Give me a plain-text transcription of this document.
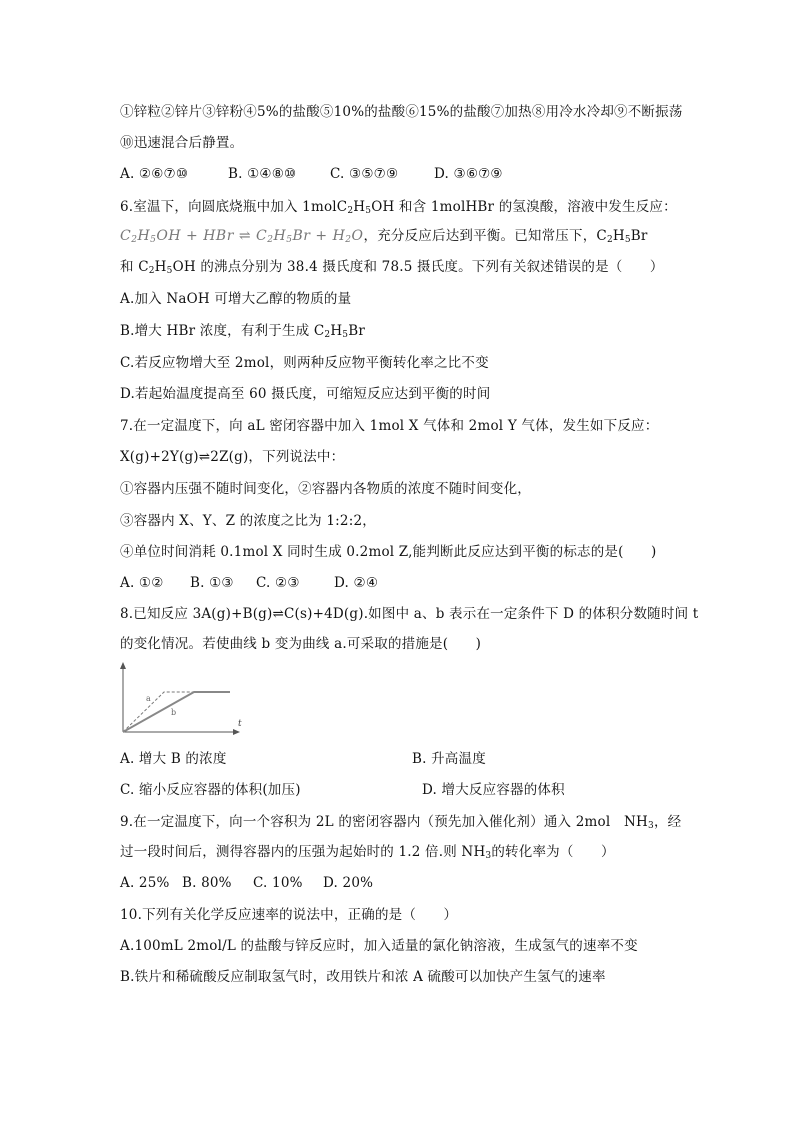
①锌粒②锌片③锌粉④5%的盐酸⑤10%的盐酸⑥15%的盐酸⑦加热⑧用冷水冷却⑨不断振荡
⑩迅速混合后静置。
A. ②⑥⑦⑩	B. ①④⑧⑩ C. ③⑤⑦⑨	D. ③⑥⑦⑨
6.室温下，向圆底烧瓶中加入 $1molC_2H_5OH$ 和含 1molHBr 的氢溴酸，溶液中发生反应：
$C_2H_5OH$ + HBr ⇌ $C_2H_5Br + H_2O$，充分反应后达到平衡。已知常压下，$C_2H_5Br$
和 $C_2H_5OH$ 的沸点分别为 38.4 摄氏度和 78.5 摄氏度。下列有关叙述错误的是（　　）
A.加入 NaOH 可增大乙醇的物质的量
B.增大 HBr 浓度，有利于生成 $C_2H_5Br$
C.若反应物增大至 2mol，则两种反应物平衡转化率之比不变
D.若起始温度提高至 60 摄氏度，可缩短反应达到平衡的时间
7.在一定温度下，向 aL 密闭容器中加入 1mol X 气体和 2mol Y 气体，发生如下反应：
X(g)+2Y(g)⇌2Z(g)，下列说法中：
①容器内压强不随时间变化，②容器内各物质的浓度不随时间变化，
③容器内 X、Y、Z 的浓度之比为 1:2:2，
④单位时间消耗 0.1mol X 同时生成 0.2mol Z,能判断此反应达到平衡的标志的是(　　)
A. ①② B. ①③ C. ②③	D. ②④
8.已知反应 3A(g)+B(g)⇌C(s)+4D(g).如图中 a、b 表示在一定条件下 D 的体积分数随时间 t
的变化情况。若使曲线 b 变为曲线 a.可采取的措施是(　　)
a
b
t
A. 增大 B 的浓度	B. 升高温度
C. 缩小反应容器的体积(加压)	D. 增大反应容器的体积
9.在一定温度下，向一个容积为 2L 的密闭容器内（预先加入催化剂）通入 2mol　$NH_3$，经
过一段时间后，测得容器内的压强为起始时的 1.2 倍.则 $NH_3$的转化率为（　　）
A. 25% B. 80% C. 10% D. 20%
10.下列有关化学反应速率的说法中，正确的是（　　）
A.100mL 2mol/L 的盐酸与锌反应时，加入适量的氯化钠溶液，生成氢气的速率不变
B.铁片和稀硫酸反应制取氢气时，改用铁片和浓 A 硫酸可以加快产生氢气的速率
